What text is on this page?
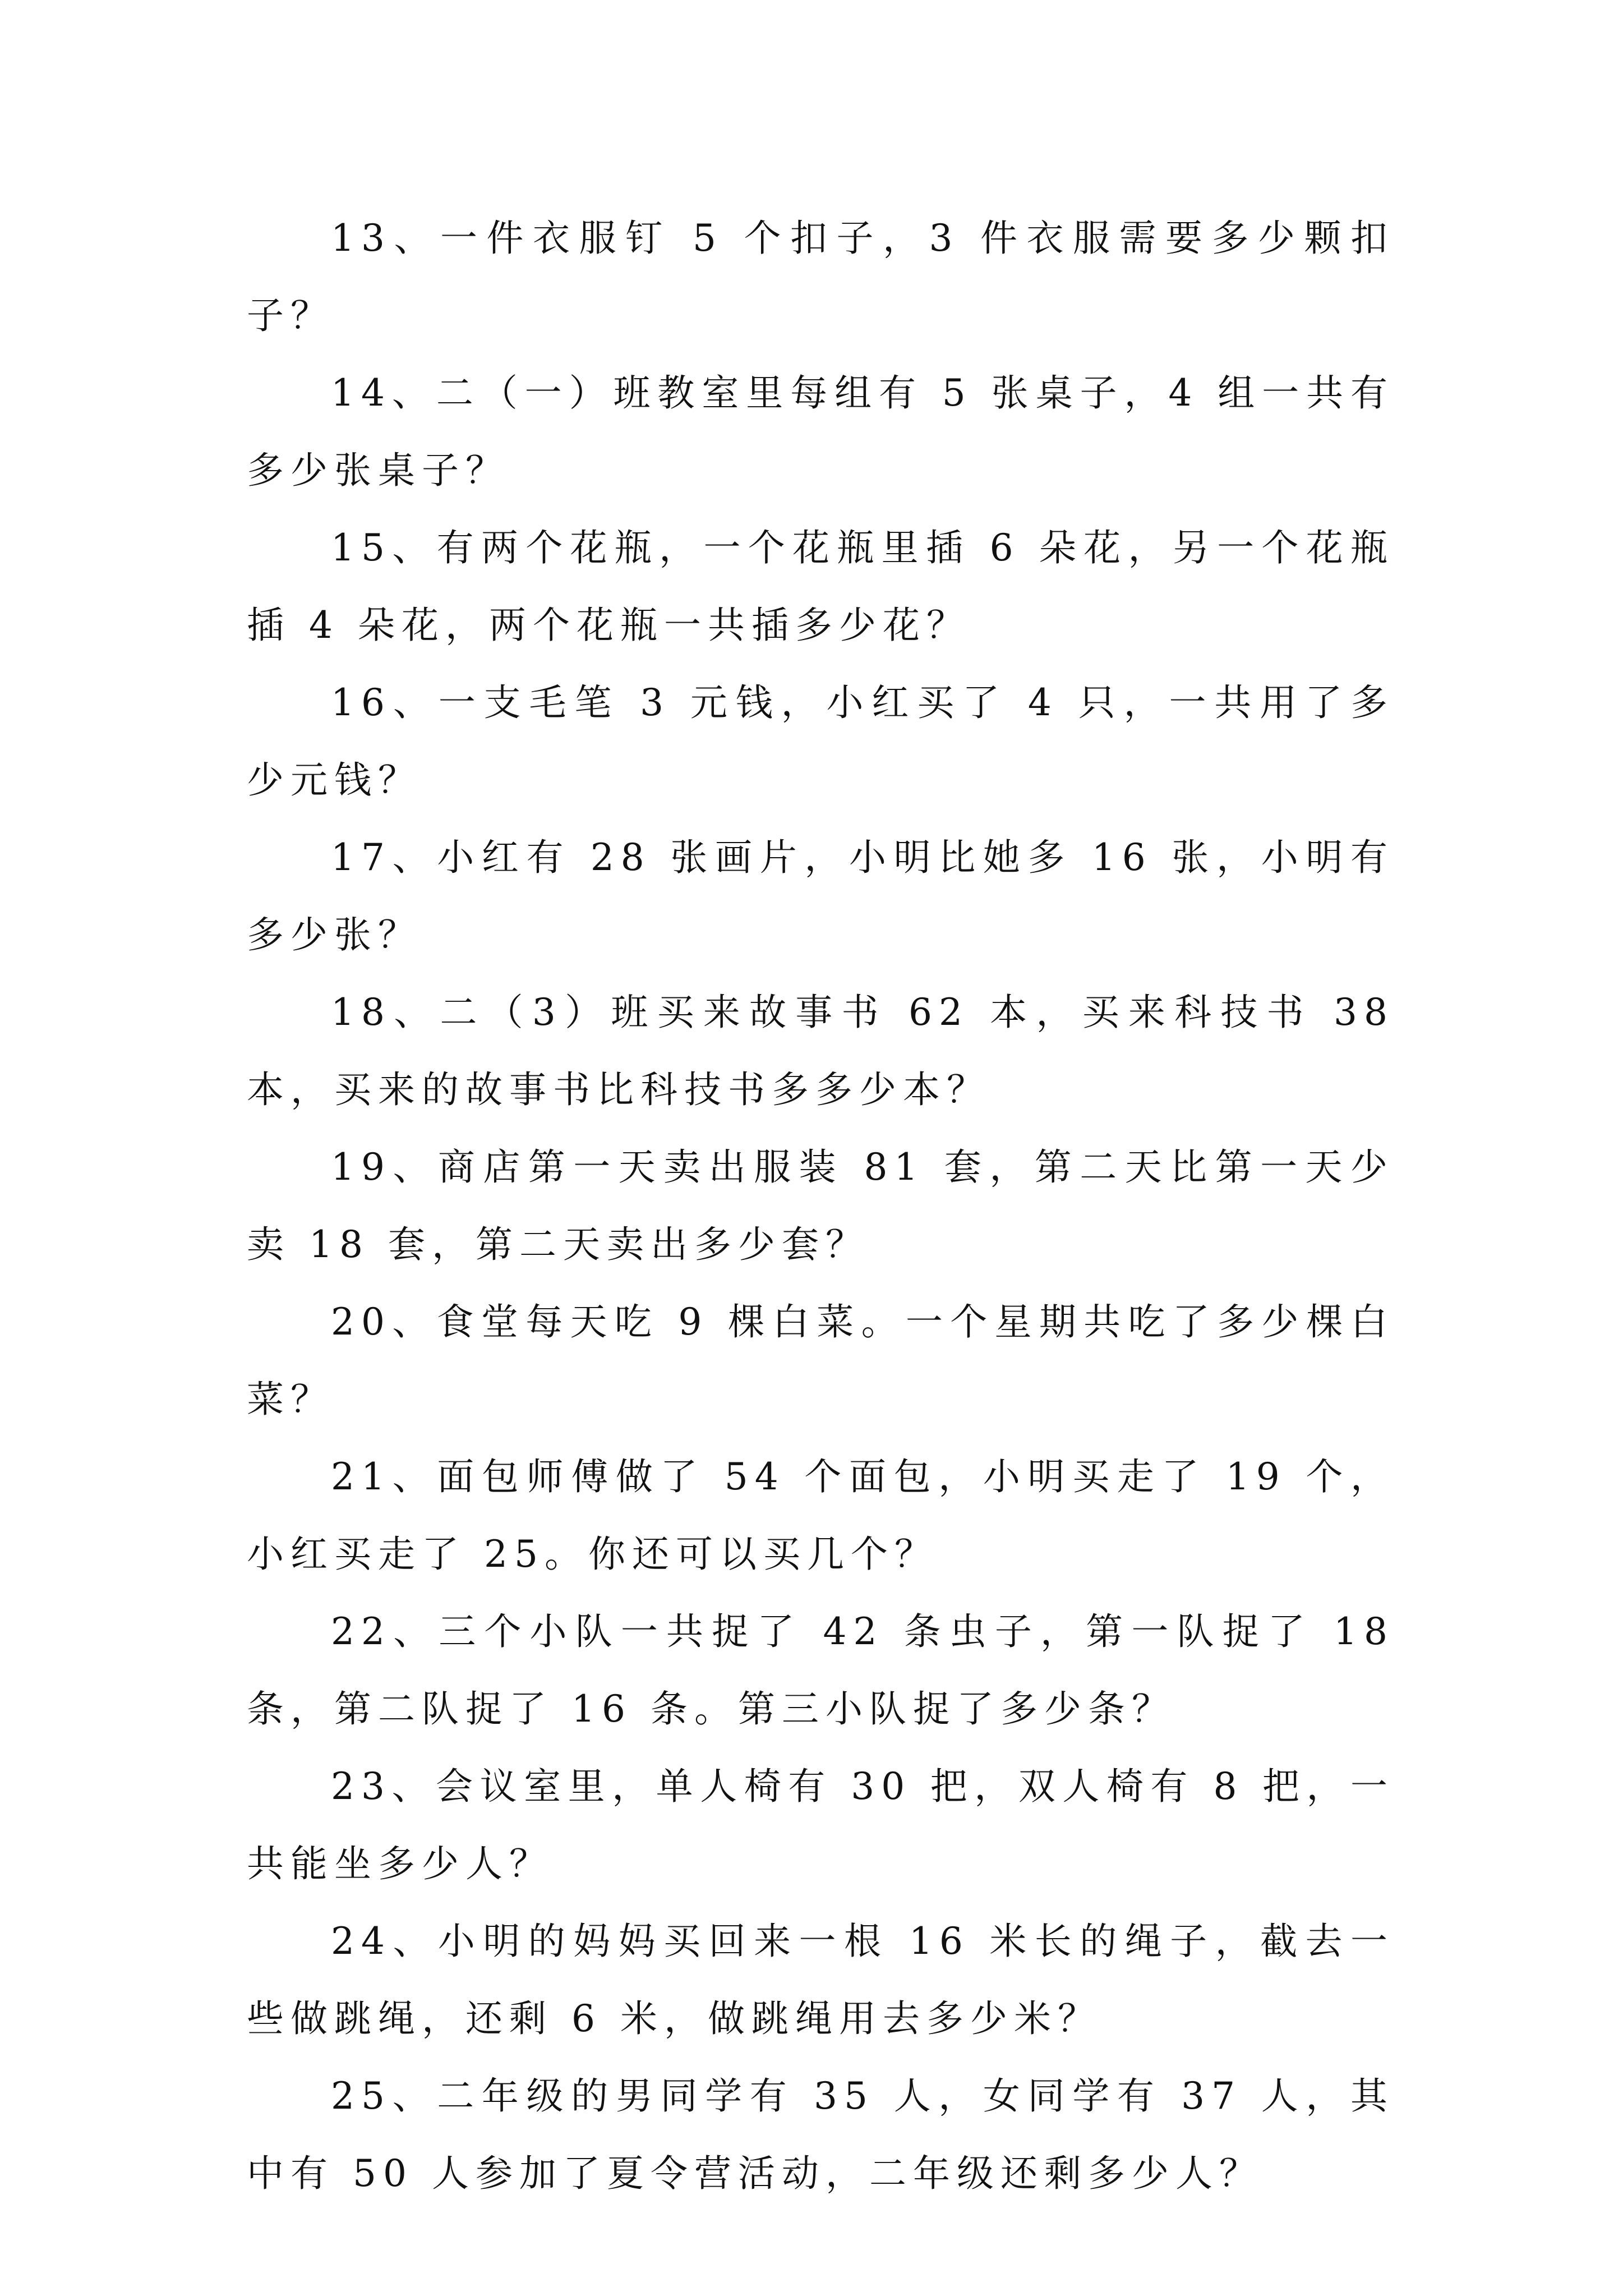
13、一件衣服钉 5 个扣子，3 件衣服需要多少颗扣子？

14、二（一）班教室里每组有 5 张桌子，4 组一共有多少张桌子？

15、有两个花瓶，一个花瓶里插 6 朵花，另一个花瓶插 4 朵花，两个花瓶一共插多少花？

16、一支毛笔 3 元钱，小红买了 4 只，一共用了多少元钱？

17、小红有 28 张画片，小明比她多 16 张，小明有多少张？

18、二（3）班买来故事书 62 本，买来科技书 38 本，买来的故事书比科技书多多少本？

19、商店第一天卖出服装 81 套，第二天比第一天少卖 18 套，第二天卖出多少套？

20、食堂每天吃 9 棵白菜。一个星期共吃了多少棵白菜？

21、面包师傅做了 54 个面包，小明买走了 19 个，小红买走了 25。你还可以买几个？

22、三个小队一共捉了 42 条虫子，第一队捉了 18 条，第二队捉了 16 条。第三小队捉了多少条？

23、会议室里，单人椅有 30 把，双人椅有 8 把，一共能坐多少人？

24、小明的妈妈买回来一根 16 米长的绳子，截去一些做跳绳，还剩 6 米，做跳绳用去多少米？

25、二年级的男同学有 35 人，女同学有 37 人，其中有 50 人参加了夏令营活动，二年级还剩多少人？
